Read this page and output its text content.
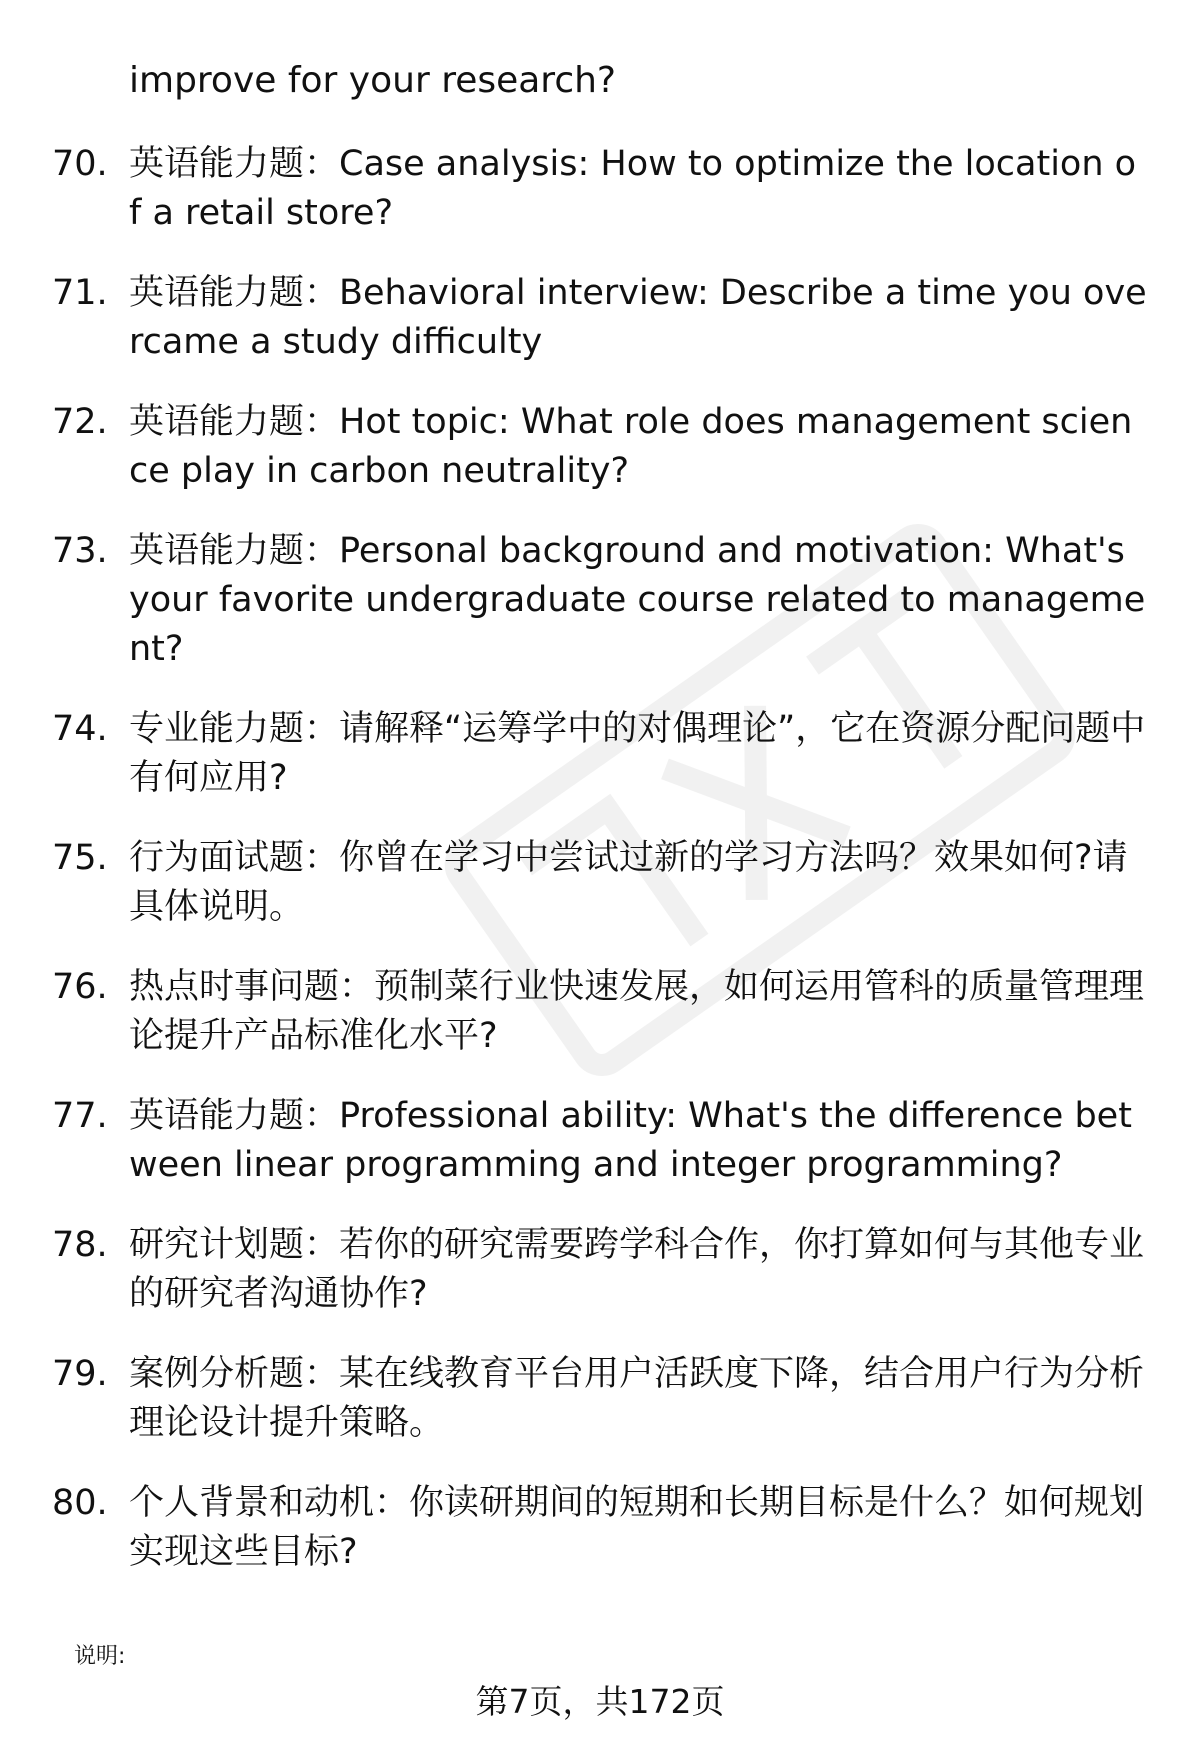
improve for your research?
70. 英语能力题：Case analysis: How to optimize the location of a retail store?
71. 英语能力题：Behavioral interview: Describe a time you overcame a study difficulty
72. 英语能力题：Hot topic: What role does management science play in carbon neutrality?
73. 英语能力题：Personal background and motivation: What's your favorite undergraduate course related to management?
74. 专业能力题：请解释“运筹学中的对偶理论”，它在资源分配问题中有何应用?
75. 行为面试题：你曾在学习中尝试过新的学习方法吗？效果如何?请具体说明。
76. 热点时事问题：预制菜行业快速发展，如何运用管科的质量管理理论提升产品标准化水平?
77. 英语能力题：Professional ability: What's the difference between linear programming and integer programming?
78. 研究计划题：若你的研究需要跨学科合作，你打算如何与其他专业的研究者沟通协作?
79. 案例分析题：某在线教育平台用户活跃度下降，结合用户行为分析理论设计提升策略。
80. 个人背景和动机：你读研期间的短期和长期目标是什么？如何规划实现这些目标?
说明:
第7页，共172页
